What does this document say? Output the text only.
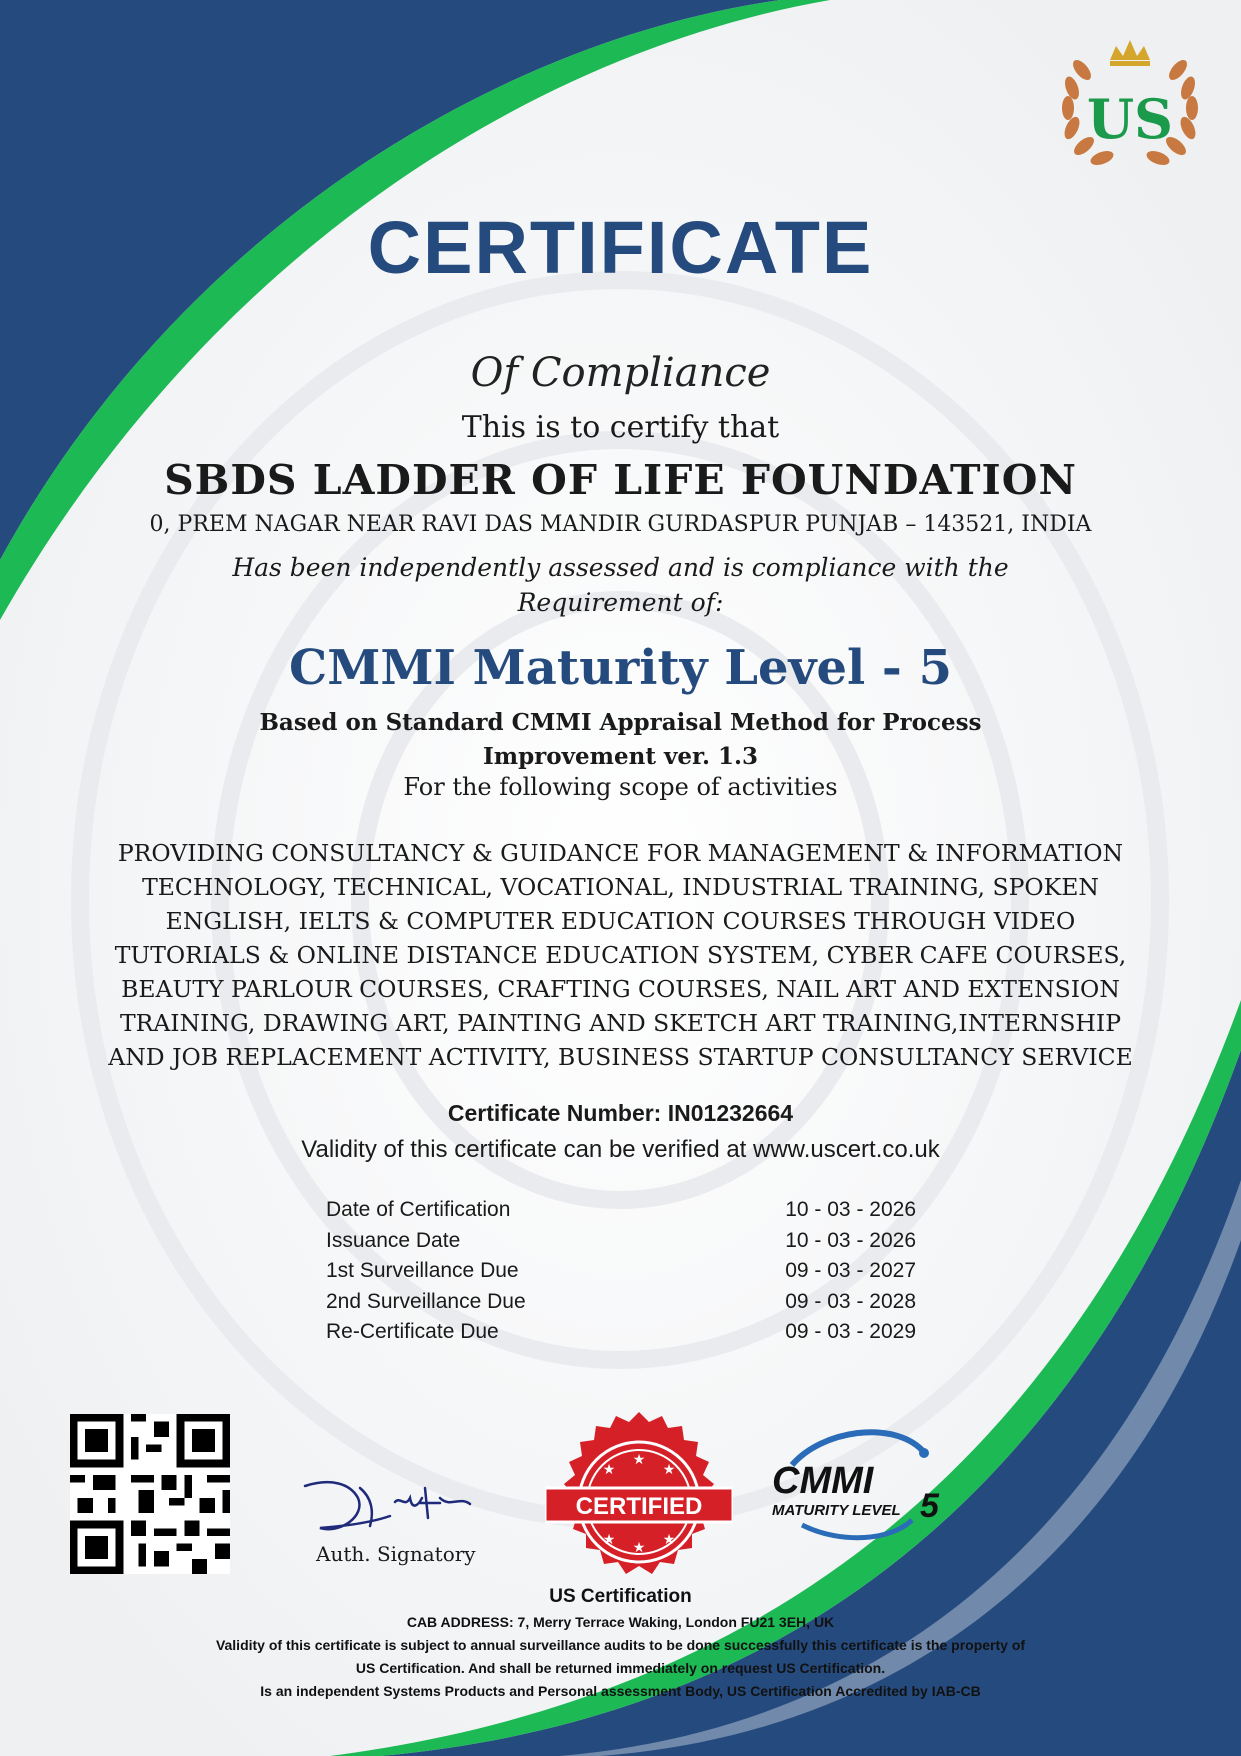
US
CERTIFICATE
Of Compliance
This is to certify that
SBDS LADDER OF LIFE FOUNDATION
0, PREM NAGAR NEAR RAVI DAS MANDIR GURDASPUR PUNJAB – 143521, INDIA
Has been independently assessed and is compliance with the
Requirement of:
CMMI Maturity Level - 5
Based on Standard CMMI Appraisal Method for Process
Improvement ver. 1.3
For the following scope of activities
PROVIDING CONSULTANCY & GUIDANCE FOR MANAGEMENT & INFORMATION
TECHNOLOGY, TECHNICAL, VOCATIONAL, INDUSTRIAL TRAINING, SPOKEN
ENGLISH, IELTS & COMPUTER EDUCATION COURSES THROUGH VIDEO
TUTORIALS & ONLINE DISTANCE EDUCATION SYSTEM, CYBER CAFE COURSES,
BEAUTY PARLOUR COURSES, CRAFTING COURSES, NAIL ART AND EXTENSION
TRAINING, DRAWING ART, PAINTING AND SKETCH ART TRAINING,INTERNSHIP
AND JOB REPLACEMENT ACTIVITY, BUSINESS STARTUP CONSULTANCY SERVICE
Certificate Number: IN01232664
Validity of this certificate can be verified at www.uscert.co.uk
Date of Certification	10 - 03 - 2026
Issuance Date	10 - 03 - 2026
1st Surveillance Due	09 - 03 - 2027
2nd Surveillance Due	09 - 03 - 2028
Re-Certificate Due	09 - 03 - 2029
Auth. Signatory
★
★
★
★ ★ ★
CERTIFIED
CMMI
MATURITY LEVEL 5
US Certification
CAB ADDRESS: 7, Merry Terrace Waking, London FU21 3EH, UK
Validity of this certificate is subject to annual surveillance audits to be done successfully this certificate is the property of
US Certification. And shall be returned immediately on request US Certification.
Is an independent Systems Products and Personal assessment Body, US Certification Accredited by IAB-CB
